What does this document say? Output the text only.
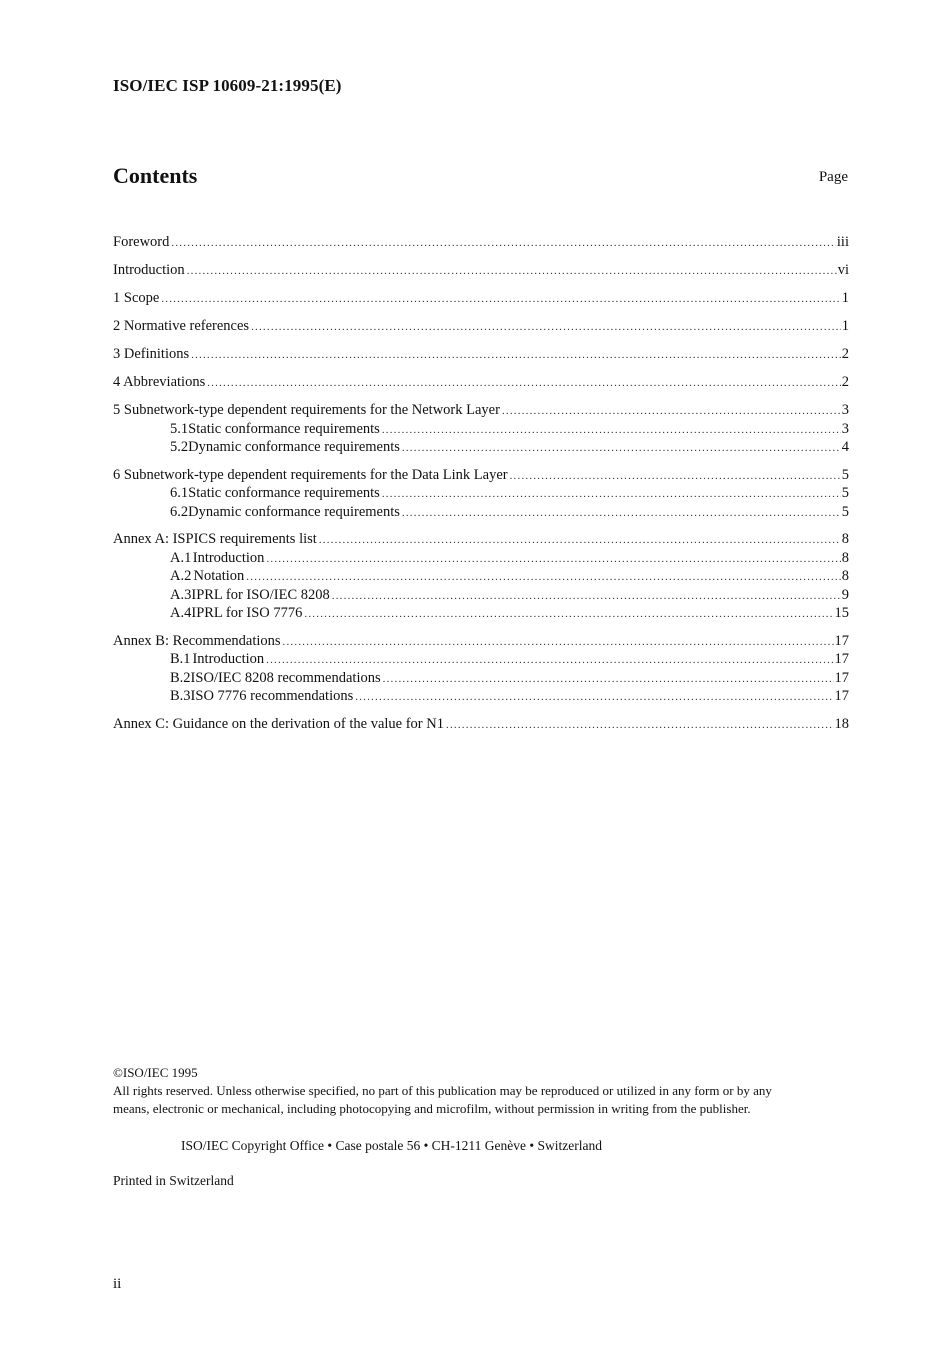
ISO/IEC ISP 10609-21:1995(E)
Contents	Page
Foreword .....	iii
Introduction .....	vi
1 Scope .....	1
2 Normative references .....	1
3 Definitions .....	2
4 Abbreviations .....	2
5 Subnetwork-type dependent requirements for the Network Layer .....	3
5.1 Static conformance requirements .....	3
5.2 Dynamic conformance requirements .....	4
6 Subnetwork-type dependent requirements for the Data Link Layer .....	5
6.1 Static conformance requirements .....	5
6.2 Dynamic conformance requirements .....	5
Annex A: ISPICS requirements list .....	8
A.1 Introduction .....	8
A.2 Notation .....	8
A.3 IPRL for ISO/IEC 8208 .....	9
A.4 IPRL for ISO 7776 .....	15
Annex B: Recommendations .....	17
B.1 Introduction .....	17
B.2 ISO/IEC 8208 recommendations .....	17
B.3 ISO 7776 recommendations .....	17
Annex C: Guidance on the derivation of the value for N1 .....	18
©ISO/IEC 1995
All rights reserved. Unless otherwise specified, no part of this publication may be reproduced or utilized in any form or by any
means, electronic or mechanical, including photocopying and microfilm, without permission in writing from the publisher.
ISO/IEC Copyright Office • Case postale 56 • CH-1211 Genève • Switzerland
Printed in Switzerland
ii
